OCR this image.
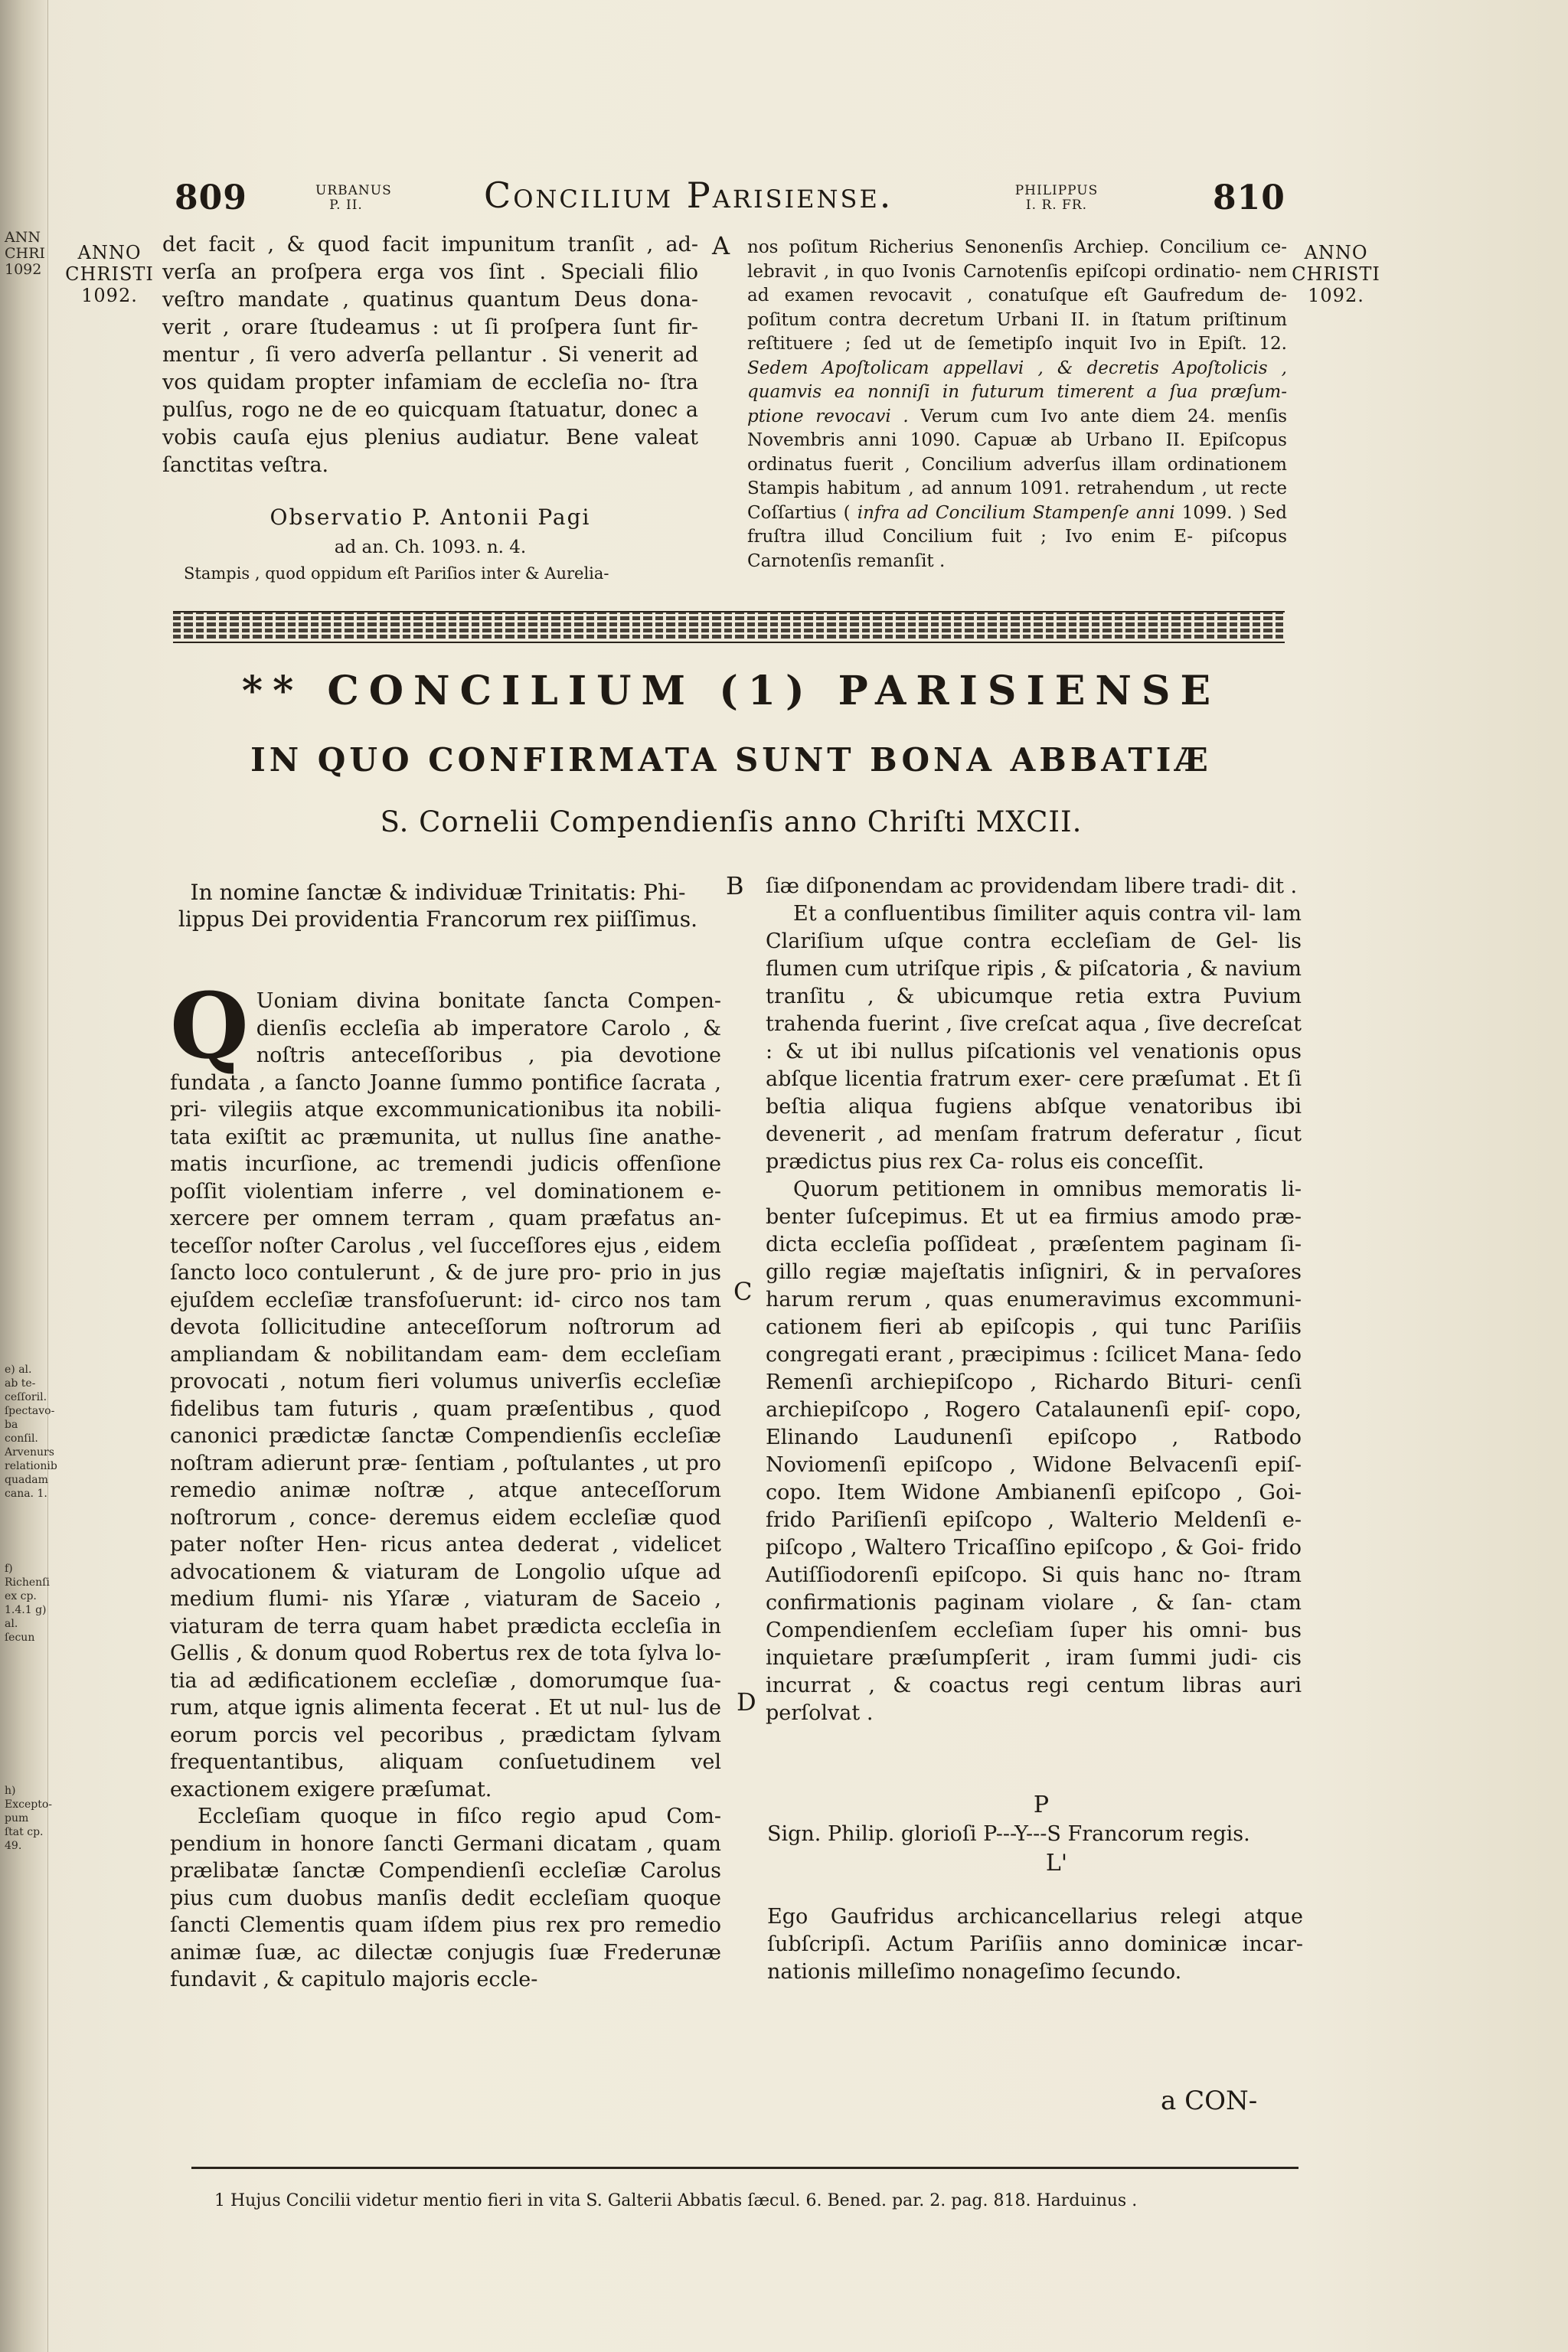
ANN
CHRI
1092
e) al. ab te- ceſſoril. ſpectavo- ba conſil. Arvenurs relationib quadam cana. 1.
f) Richenſi ex cp. 1.4.1 g) al. ſecun
h) Excepto- pum ſtat cp. 49.
809	URBANUS P. II.	Concilium Parisiense.	PHILIPPUS I. R. FR.	810
ANNO CHRISTI 1092.
ANNO CHRISTI 1092.
A
det facit , & quod facit impunitum tranſit , ad- verſa an proſpera erga vos ſint . Speciali filio veſtro mandate , quatinus quantum Deus dona- verit , orare ſtudeamus : ut ſi proſpera ſunt fir- mentur , ſi vero adverſa pellantur . Si venerit ad vos quidam propter infamiam de eccleſia no- ſtra pulſus, rogo ne de eo quicquam ſtatuatur, donec a vobis cauſa ejus plenius audiatur. Bene valeat ſanctitas veſtra.
Observatio P. Antonii Pagi
ad an. Ch. 1093. n. 4.
Stampis , quod oppidum eſt Pariſios inter & Aurelia-
nos poſitum Richerius Senonenſis Archiep. Concilium ce- lebravit , in quo Ivonis Carnotenſis epiſcopi ordinatio- nem ad examen revocavit , conatuſque eſt Gaufredum de- poſitum contra decretum Urbani II. in ſtatum priſtinum reſtituere ; ſed ut de ſemetipſo inquit Ivo in Epiſt. 12. Sedem Apoſtolicam appellavi , & decretis Apoſtolicis , quamvis ea nonniſi in futurum timerent a ſua præſum- ptione revocavi . Verum cum Ivo ante diem 24. menſis Novembris anni 1090. Capuæ ab Urbano II. Epiſcopus ordinatus fuerit , Concilium adverſus illam ordinationem Stampis habitum , ad annum 1091. retrahendum , ut recte Coſſartius ( infra ad Concilium Stampenſe anni 1099. ) Sed fruſtra illud Concilium fuit ; Ivo enim E- piſcopus Carnotenſis remanſit .
** CONCILIUM (1) PARISIENSE
IN QUO CONFIRMATA SUNT BONA ABBATIÆ
S. Cornelii Compendienſis anno Chriſti MXCII.
B
C
D
In nomine ſanctæ & individuæ Trinitatis: Phi- lippus Dei providentia Francorum rex piiſſimus.
Q Uoniam divina bonitate ſancta Compen- dienſis eccleſia ab imperatore Carolo , & noſtris anteceſſoribus , pia devotione fundata , a ſancto Joanne ſummo pontifice ſacrata , pri- vilegiis atque excommunicationibus ita nobili- tata exiſtit ac præmunita, ut nullus ſine anathe- matis incurſione, ac tremendi judicis offenſione poſſit violentiam inferre , vel dominationem e- xercere per omnem terram , quam præfatus an- teceſſor noſter Carolus , vel ſucceſſores ejus , eidem ſancto loco contulerunt , & de jure pro- prio in jus ejuſdem eccleſiæ transfoſuerunt: id- circo nos tam devota ſollicitudine anteceſſorum noſtrorum ad ampliandam & nobilitandam eam- dem eccleſiam provocati , notum fieri volumus univerſis eccleſiæ fidelibus tam futuris , quam præſentibus , quod canonici prædictæ ſanctæ Compendienſis eccleſiæ noſtram adierunt præ- ſentiam , poſtulantes , ut pro remedio animæ noſtræ , atque anteceſſorum noſtrorum , conce- deremus eidem eccleſiæ quod pater noſter Hen- ricus antea dederat , videlicet advocationem & viaturam de Longolio uſque ad medium flumi- nis Yſaræ , viaturam de Saceio , viaturam de terra quam habet prædicta eccleſia in Gellis , & donum quod Robertus rex de tota ſylva lo- tia ad ædificationem eccleſiæ , domorumque ſua- rum, atque ignis alimenta fecerat . Et ut nul- lus de eorum porcis vel pecoribus , prædictam ſylvam frequentantibus, aliquam conſuetudinem vel exactionem exigere præſumat.
Eccleſiam quoque in fiſco regio apud Com- pendium in honore ſancti Germani dicatam , quam prælibatæ ſanctæ Compendienſi eccleſiæ Carolus pius cum duobus manſis dedit eccleſiam quoque ſancti Clementis quam iſdem pius rex pro remedio animæ ſuæ, ac dilectæ conjugis ſuæ Frederunæ fundavit , & capitulo majoris eccle-
ſiæ diſponendam ac providendam libere tradi- dit .
Et a confluentibus ſimiliter aquis contra vil- lam Clariſium uſque contra eccleſiam de Gel- lis flumen cum utriſque ripis , & piſcatoria , & navium tranſitu , & ubicumque retia extra Puvium trahenda fuerint , ſive creſcat aqua , ſive decreſcat : & ut ibi nullus piſcationis vel venationis opus abſque licentia fratrum exer- cere præſumat . Et ſi beſtia aliqua fugiens abſque venatoribus ibi devenerit , ad menſam fratrum deferatur , ſicut prædictus pius rex Ca- rolus eis conceſſit.
Quorum petitionem in omnibus memoratis li- benter ſuſcepimus. Et ut ea firmius amodo præ- dicta eccleſia poſſideat , præſentem paginam ſi- gillo regiæ majeſtatis inſigniri, & in pervaſores harum rerum , quas enumeravimus excommuni- cationem fieri ab epiſcopis , qui tunc Pariſiis congregati erant , præcipimus : ſcilicet Mana- ſedo Remenſi archiepiſcopo , Richardo Bituri- cenſi archiepiſcopo , Rogero Catalaunenſi epiſ- copo, Elinando Laudunenſi epiſcopo , Ratbodo Noviomenſi epiſcopo , Widone Belvacenſi epiſ- copo. Item Widone Ambianenſi epiſcopo , Goi- frido Pariſienſi epiſcopo , Walterio Meldenſi e- piſcopo , Waltero Tricaſſino epiſcopo , & Goi- frido Autiſſiodorenſi epiſcopo. Si quis hanc no- ſtram confirmationis paginam violare , & ſan- ctam Compendienſem eccleſiam ſuper his omni- bus inquietare præſumpſerit , iram ſummi judi- cis incurrat , & coactus regi centum libras auri perſolvat .
P
Sign. Philip. glorioſi P---Y---S Francorum regis.
L'
Ego Gaufridus archicancellarius relegi atque ſubſcripſi. Actum Pariſiis anno dominicæ incar- nationis milleſimo nonageſimo ſecundo.
a CON-
1 Hujus Concilii videtur mentio fieri in vita S. Galterii Abbatis ſæcul. 6. Bened. par. 2. pag. 818. Harduinus .
